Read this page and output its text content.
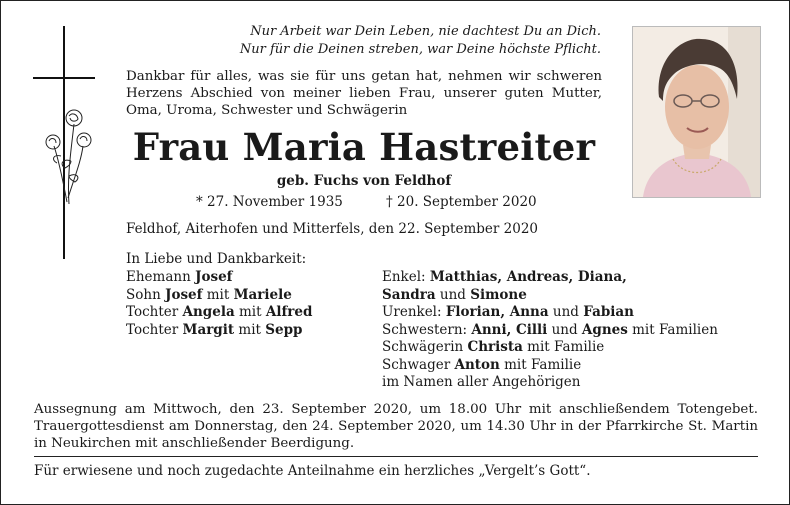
Nur Arbeit war Dein Leben, nie dachtest Du an Dich.
Nur für die Deinen streben, war Deine höchste Pflicht.
Dankbar für alles, was sie für uns getan hat, nehmen wir schweren Herzens Abschied von meiner lieben Frau, unserer guten Mutter, Oma, Uroma, Schwester und Schwägerin
Frau Maria Hastreiter
geb. Fuchs von Feldhof
* 27. November 1935	† 20. September 2020
Feldhof, Aiterhofen und Mitterfels, den 22. September 2020
In Liebe und Dankbarkeit:
Ehemann Josef
Sohn Josef mit Mariele
Tochter Angela mit Alfred
Tochter Margit mit Sepp
Enkel: Matthias, Andreas, Diana,
Sandra und Simone
Urenkel: Florian, Anna und Fabian
Schwestern: Anni, Cilli und Agnes mit Familien
Schwägerin Christa mit Familie
Schwager Anton mit Familie
im Namen aller Angehörigen
Aussegnung am Mittwoch, den 23. September 2020, um 18.00 Uhr mit anschließendem Totengebet. Trauergottesdienst am Donnerstag, den 24. September 2020, um 14.30 Uhr in der Pfarrkirche St. Martin in Neukirchen mit anschließender Beerdigung.
Für erwiesene und noch zugedachte Anteilnahme ein herzliches „Vergelt’s Gott“.
